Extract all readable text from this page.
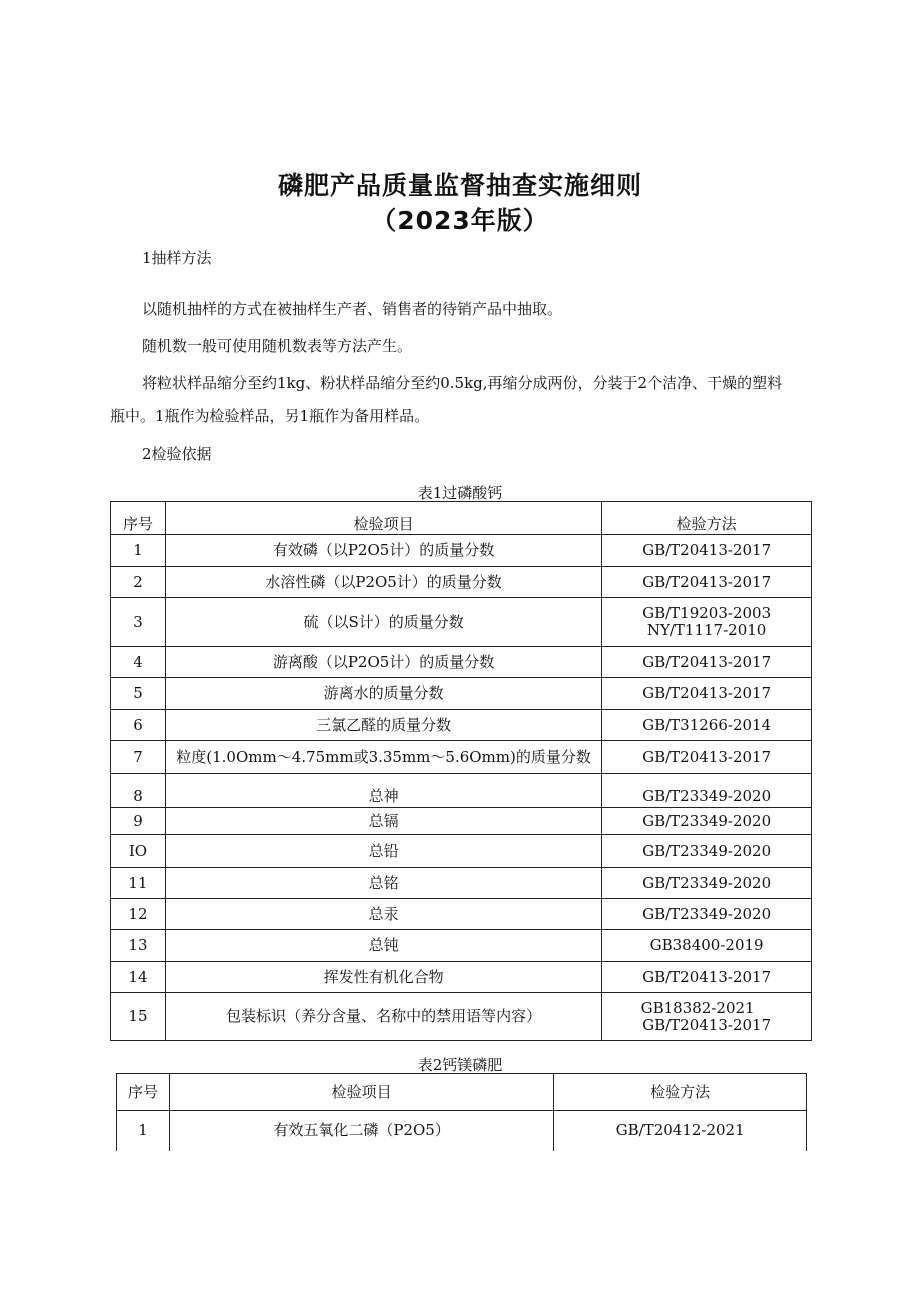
磷肥产品质量监督抽查实施细则
（2023年版）
1抽样方法
以随机抽样的方式在被抽样生产者、销售者的待销产品中抽取。
随机数一般可使用随机数表等方法产生。
将粒状样品缩分至约1kg、粉状样品缩分至约0.5kg,再缩分成两份，分装于2个洁净、干燥的塑料
瓶中。1瓶作为检验样品，另1瓶作为备用样品。
2检验依据
表1过磷酸钙
序号	检验项目	检验方法
1	有效磷（以P2O5计）的质量分数	GB/T20413-2017
2	水溶性磷（以P2O5计）的质量分数	GB/T20413-2017
3	硫（以S计）的质量分数	GB/T19203-2003
NY/T1117-2010

4	游离酸（以P2O5计）的质量分数	GB/T20413-2017
5	游离水的质量分数	GB/T20413-2017
6	三氯乙醛的质量分数	GB/T31266-2014
7	粒度(1.0Omm～4.75mm或3.35mm～5.6Omm)的质量分数	GB/T20413-2017
8	总神	GB/T23349-2020
9	总镉	GB/T23349-2020
IO	总铅	GB/T23349-2020
11	总铭	GB/T23349-2020
12	总汞	GB/T23349-2020
13	总钝	GB38400-2019
14	挥发性有机化合物	GB/T20413-2017
15	包装标识（养分含量、名称中的禁用语等内容）	GB18382-2021
GB/T20413-2017
表2钙镁磷肥
序号	检验项目	检验方法
1	有效五氧化二磷（P2O5）	GB/T20412-2021
